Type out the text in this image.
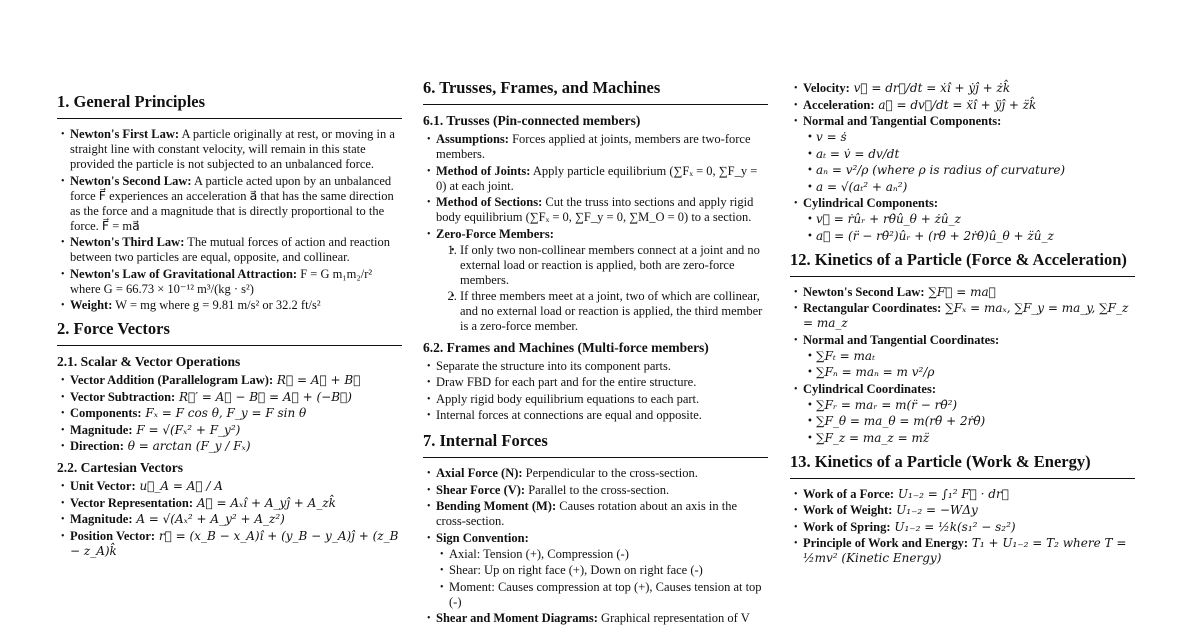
1. General Principles
• Newton's First Law: A particle originally at rest, or moving in a straight line with constant velocity, will remain in this state provided the particle is not subjected to an unbalanced force.
• Newton's Second Law: A particle acted upon by an unbalanced force F⃗ experiences an acceleration a⃗ that has the same direction as the force and a magnitude that is directly proportional to the force. F⃗ = ma⃗
• Newton's Third Law: The mutual forces of action and reaction between two particles are equal, opposite, and collinear.
• Newton's Law of Gravitational Attraction: F = G m₁m₂/r² where G = 66.73 × 10⁻¹² m³/(kg · s²)
• Weight: W = mg where g = 9.81 m/s² or 32.2 ft/s²
2. Force Vectors
2.1. Scalar & Vector Operations
• Vector Addition (Parallelogram Law): R⃗ = A⃗ + B⃗
• Vector Subtraction: R⃗′ = A⃗ − B⃗ = A⃗ + (−B⃗)
• Components: Fₓ = F cos θ, F_y = F sin θ
• Magnitude: F = √(Fₓ² + F_y²)
• Direction: θ = arctan (F_y / Fₓ)
2.2. Cartesian Vectors
• Unit Vector: u⃗_A = A⃗ / A
• Vector Representation: A⃗ = Aₓî + A_yĵ + A_zk̂
• Magnitude: A = √(Aₓ² + A_y² + A_z²)
• Position Vector: r⃗ = (x_B − x_A)î + (y_B − y_A)ĵ + (z_B − z_A)k̂
6. Trusses, Frames, and Machines
6.1. Trusses (Pin-connected members)
• Assumptions: Forces applied at joints, members are two-force members.
• Method of Joints: Apply particle equilibrium (∑Fₓ = 0, ∑F_y = 0) at each joint.
• Method of Sections: Cut the truss into sections and apply rigid body equilibrium (∑Fₓ = 0, ∑F_y = 0, ∑M_O = 0) to a section.
• Zero-Force Members:
• 1. If only two non-collinear members connect at a joint and no external load or reaction is applied, both are zero-force members.
• 2. If three members meet at a joint, two of which are collinear, and no external load or reaction is applied, the third member is a zero-force member.
6.2. Frames and Machines (Multi-force members)
• Separate the structure into its component parts.
• Draw FBD for each part and for the entire structure.
• Apply rigid body equilibrium equations to each part.
• Internal forces at connections are equal and opposite.
7. Internal Forces
• Axial Force (N): Perpendicular to the cross-section.
• Shear Force (V): Parallel to the cross-section.
• Bending Moment (M): Causes rotation about an axis in the cross-section.
• Sign Convention:
• Axial: Tension (+), Compression (-)
• Shear: Up on right face (+), Down on right face (-)
• Moment: Causes compression at top (+), Causes tension at top (-)
• Shear and Moment Diagrams: Graphical representation of V
• Velocity: v⃗ = dr⃗/dt = ẋî + ẏĵ + żk̂
• Acceleration: a⃗ = dv⃗/dt = ẍî + ÿĵ + z̈k̂
• Normal and Tangential Components:
• v = ṡ
• aₜ = v̇ = dv/dt
• aₙ = v²/ρ (where ρ is radius of curvature)
• a = √(aₜ² + aₙ²)
• Cylindrical Components:
• v⃗ = ṙûᵣ + rθ̇û_θ + żû_z
• a⃗ = (r̈ − rθ̇²)ûᵣ + (rθ̈ + 2ṙθ̇)û_θ + z̈û_z
12. Kinetics of a Particle (Force & Acceleration)
• Newton's Second Law: ∑F⃗ = ma⃗
• Rectangular Coordinates: ∑Fₓ = maₓ, ∑F_y = ma_y, ∑F_z = ma_z
• Normal and Tangential Coordinates:
• ∑Fₜ = maₜ
• ∑Fₙ = maₙ = m v²/ρ
• Cylindrical Coordinates:
• ∑Fᵣ = maᵣ = m(r̈ − rθ̇²)
• ∑F_θ = ma_θ = m(rθ̈ + 2ṙθ̇)
• ∑F_z = ma_z = mz̈
13. Kinetics of a Particle (Work & Energy)
• Work of a Force: U₁₋₂ = ∫₁² F⃗ · dr⃗
• Work of Weight: U₁₋₂ = −WΔy
• Work of Spring: U₁₋₂ = ½k(s₁² − s₂²)
• Principle of Work and Energy: T₁ + U₁₋₂ = T₂ where T = ½mv² (Kinetic Energy)
